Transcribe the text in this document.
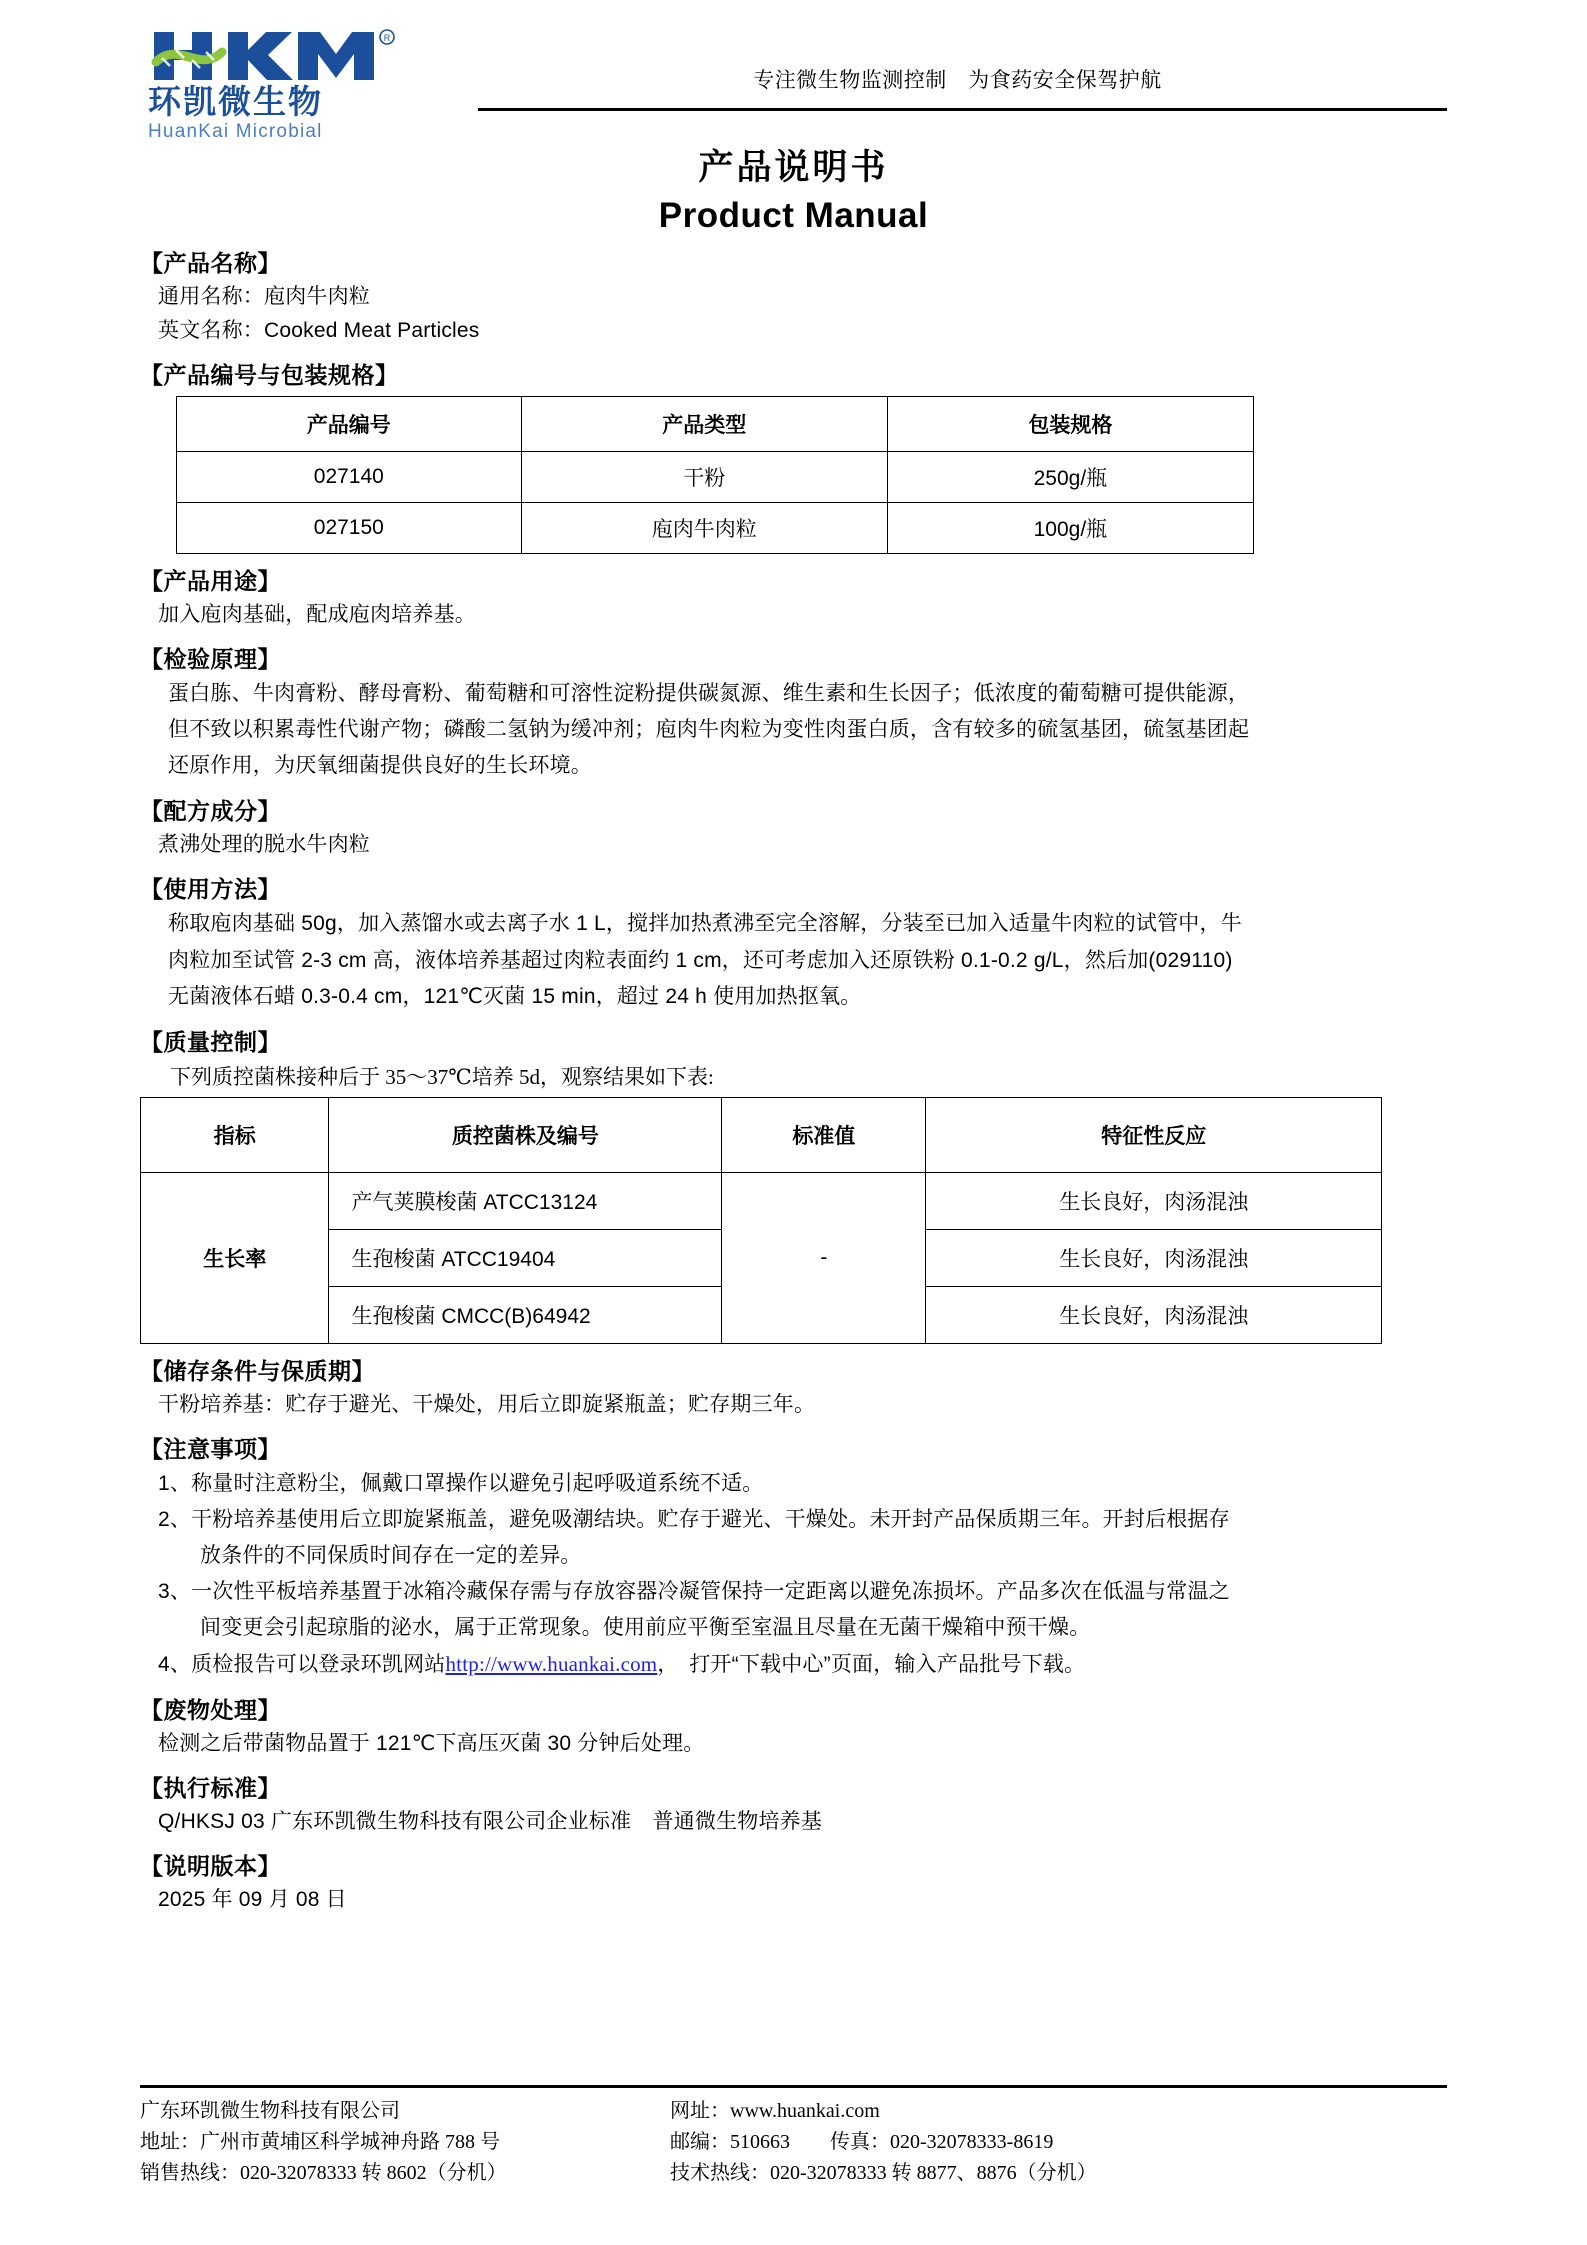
R
环凯微生物
HuanKai Microbial
专注微生物监测控制　为食药安全保驾护航
产品说明书
Product Manual
【产品名称】
通用名称：庖肉牛肉粒
英文名称：Cooked Meat Particles
【产品编号与包装规格】
产品编号	产品类型	包装规格
027140	干粉	250g/瓶
027150	庖肉牛肉粒	100g/瓶
【产品用途】
加入庖肉基础，配成庖肉培养基。
【检验原理】
蛋白胨、牛肉膏粉、酵母膏粉、葡萄糖和可溶性淀粉提供碳氮源、维生素和生长因子；低浓度的葡萄糖可提供能源，
但不致以积累毒性代谢产物；磷酸二氢钠为缓冲剂；庖肉牛肉粒为变性肉蛋白质，含有较多的硫氢基团，硫氢基团起
还原作用，为厌氧细菌提供良好的生长环境。
【配方成分】
煮沸处理的脱水牛肉粒
【使用方法】
称取庖肉基础 50g，加入蒸馏水或去离子水 1 L，搅拌加热煮沸至完全溶解，分装至已加入适量牛肉粒的试管中，牛
肉粒加至试管 2-3 cm 高，液体培养基超过肉粒表面约 1 cm，还可考虑加入还原铁粉 0.1-0.2 g/L，然后加(029110)
无菌液体石蜡 0.3-0.4 cm，121℃灭菌 15 min，超过 24 h 使用加热抠氧。
【质量控制】
下列质控菌株接种后于 35～37℃培养 5d，观察结果如下表:
指标	质控菌株及编号	标准值	特征性反应
生长率	产气荚膜梭菌 ATCC13124	-	生长良好，肉汤混浊
	生孢梭菌 ATCC19404		生长良好，肉汤混浊
	生孢梭菌 CMCC(B)64942		生长良好，肉汤混浊
【储存条件与保质期】
干粉培养基：贮存于避光、干燥处，用后立即旋紧瓶盖；贮存期三年。
【注意事项】
1、称量时注意粉尘，佩戴口罩操作以避免引起呼吸道系统不适。
2、干粉培养基使用后立即旋紧瓶盖，避免吸潮结块。贮存于避光、干燥处。未开封产品保质期三年。开封后根据存
放条件的不同保质时间存在一定的差异。
3、一次性平板培养基置于冰箱冷藏保存需与存放容器冷凝管保持一定距离以避免冻损坏。产品多次在低温与常温之
间变更会引起琼脂的泌水，属于正常现象。使用前应平衡至室温且尽量在无菌干燥箱中预干燥。
4、质检报告可以登录环凯网站http://www.huankai.com，　打开“下载中心”页面，输入产品批号下载。
【废物处理】
检测之后带菌物品置于 121℃下高压灭菌 30 分钟后处理。
【执行标准】
Q/HKSJ 03 广东环凯微生物科技有限公司企业标准　普通微生物培养基
【说明版本】
2025 年 09 月 08 日
广东环凯微生物科技有限公司
地址：广州市黄埔区科学城神舟路 788 号
销售热线：020-32078333 转 8602（分机）
网址：www.huankai.com
邮编：510663　　传真：020-32078333-8619
技术热线：020-32078333 转 8877、8876（分机）
